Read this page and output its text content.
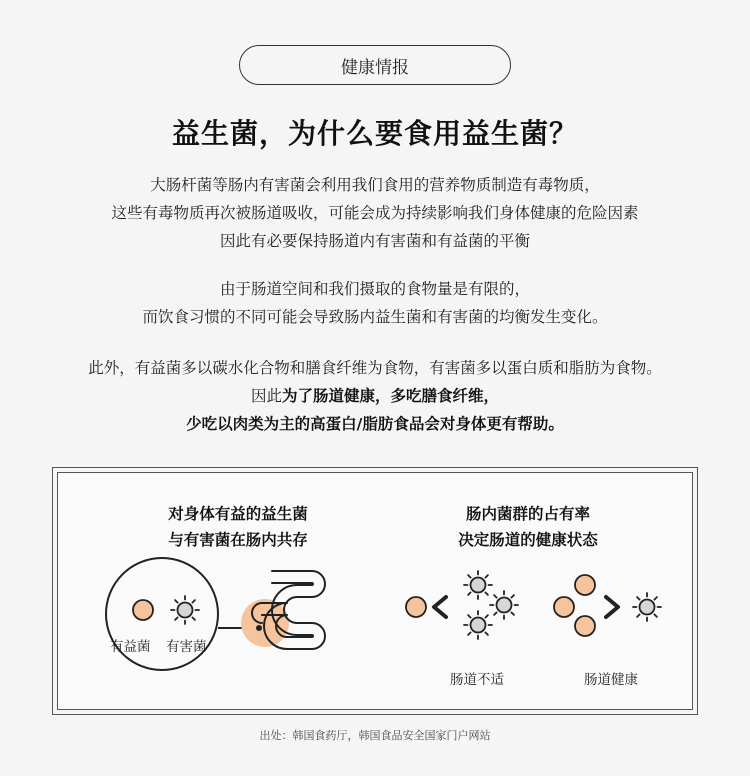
健康情报
益生菌，为什么要食用益生菌？
大肠杆菌等肠内有害菌会利用我们食用的营养物质制造有毒物质，
这些有毒物质再次被肠道吸收，可能会成为持续影响我们身体健康的危险因素
因此有必要保持肠道内有害菌和有益菌的平衡
由于肠道空间和我们摄取的食物量是有限的，
而饮食习惯的不同可能会导致肠内益生菌和有害菌的均衡发生变化。
此外，有益菌多以碳水化合物和膳食纤维为食物，有害菌多以蛋白质和脂肪为食物。
因此为了肠道健康，多吃膳食纤维，
少吃以肉类为主的高蛋白/脂肪食品会对身体更有帮助。
对身体有益的益生菌
与有害菌在肠内共存
肠内菌群的占有率
决定肠道的健康状态
有益菌 有害菌
肠道不适	肠道健康
出处：韩国食药厅，韩国食品安全国家门户网站
